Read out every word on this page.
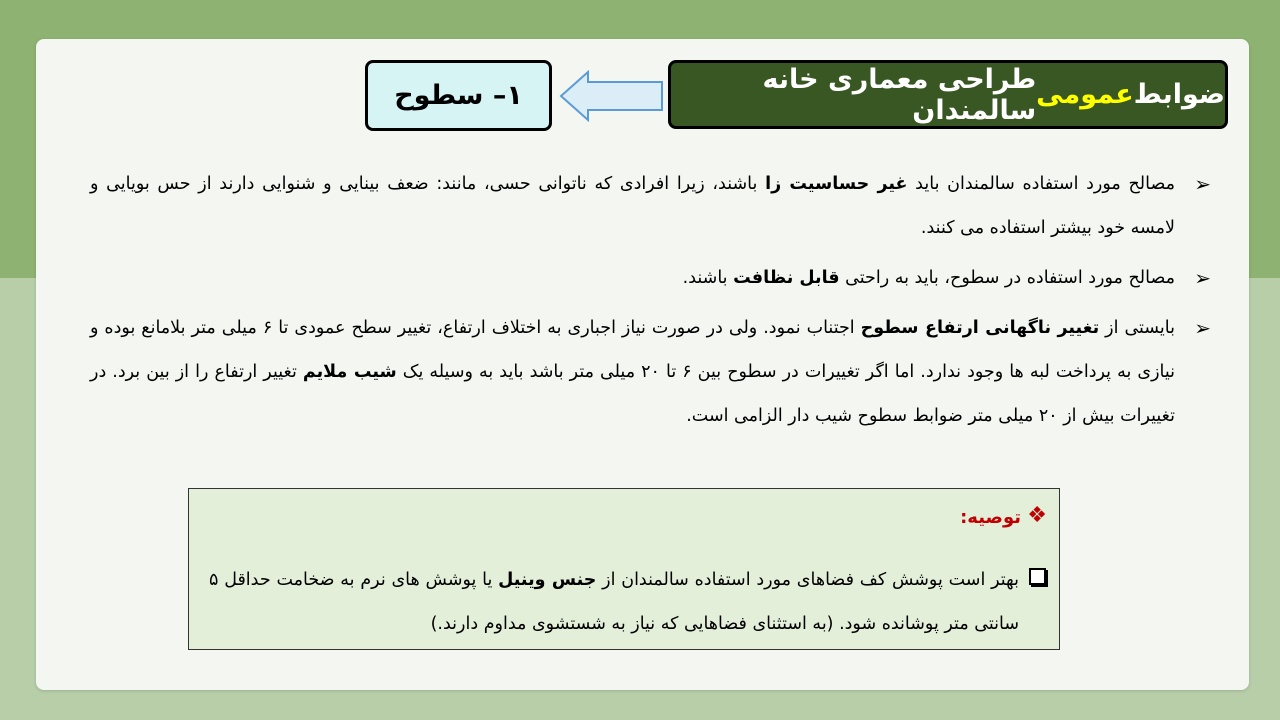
ضوابط
عمومی
طراحی معماری خانه سالمندان
۱– سطوح
➢
مصالح مورد استفاده سالمندان باید غیر حساسیت زا باشند، زیرا افرادی که ناتوانی حسی، مانند: ضعف بینایی و شنوایی دارند از حس بویایی و لامسه خود بیشتر استفاده می کنند.
➢
مصالح مورد استفاده در سطوح، باید به راحتی قابل نظافت باشند.
➢
بایستی از تغییر ناگهانی ارتفاع سطوح اجتناب نمود. ولی در صورت نیاز اجباری به اختلاف ارتفاع، تغییر سطح عمودی تا ۶ میلی متر بلامانع بوده و نیازی به پرداخت لبه ها وجود ندارد. اما اگر تغییرات در سطوح بین ۶ تا ۲۰ میلی متر باشد باید به وسیله یک شیب ملایم تغییر ارتفاع را از بین برد. در تغییرات بیش از ۲۰ میلی متر ضوابط سطوح شیب دار الزامی است.
❖
توصیه:
بهتر است پوشش کف فضاهای مورد استفاده سالمندان از جنس وینیل یا پوشش های نرم به ضخامت حداقل ۵ سانتی متر پوشانده شود. (به استثنای فضاهایی که نیاز به شستشوی مداوم دارند.)
